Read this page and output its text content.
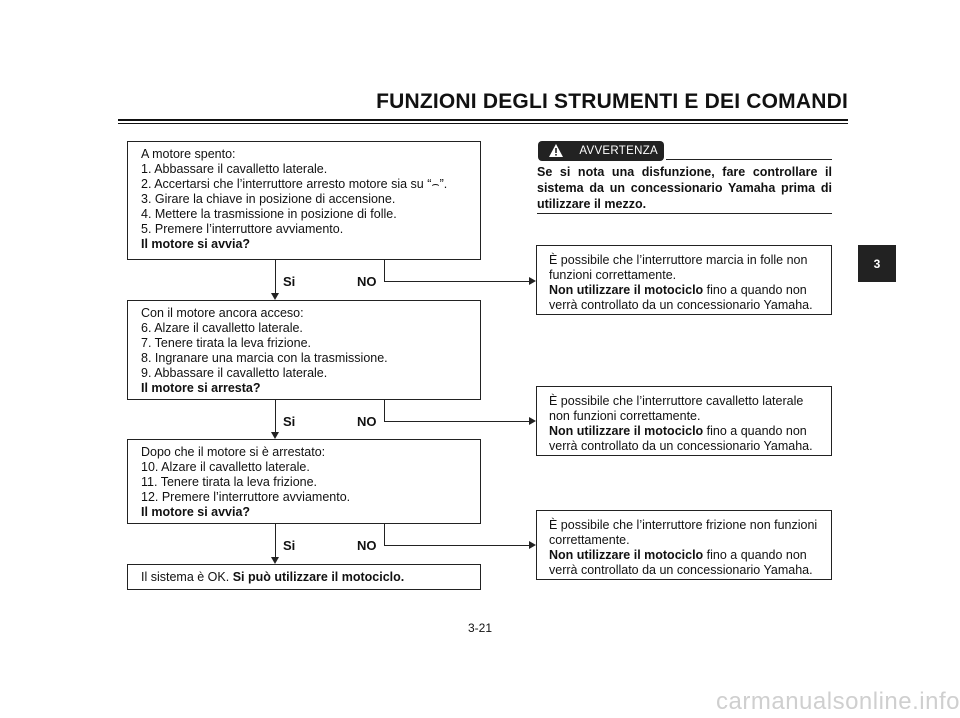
FUNZIONI DEGLI STRUMENTI E DEI COMANDI
A motore spento:
1. Abbassare il cavalletto laterale.
2. Accertarsi che l’interruttore arresto motore sia su “⌢”.
3. Girare la chiave in posizione di accensione.
4. Mettere la trasmissione in posizione di folle.
5. Premere l’interruttore avviamento.
Il motore si avvia?
Si	NO
Con il motore ancora acceso:
6. Alzare il cavalletto laterale.
7. Tenere tirata la leva frizione.
8. Ingranare una marcia con la trasmissione.
9. Abbassare il cavalletto laterale.
Il motore si arresta?
Si	NO
Dopo che il motore si è arrestato:
10. Alzare il cavalletto laterale.
11. Tenere tirata la leva frizione.
12. Premere l’interruttore avviamento.
Il motore si avvia?
Si	NO
Il sistema è OK. Si può utilizzare il motociclo.
AVVERTENZA
Se si nota una disfunzione, fare controllare il sistema da un concessionario Yamaha prima di utilizzare il mezzo.
È possibile che l’interruttore marcia in folle non
funzioni correttamente.
Non utilizzare il motociclo fino a quando non
verrà controllato da un concessionario Yamaha.
È possibile che l’interruttore cavalletto laterale
non funzioni correttamente.
Non utilizzare il motociclo fino a quando non
verrà controllato da un concessionario Yamaha.
È possibile che l’interruttore frizione non funzioni
correttamente.
Non utilizzare il motociclo fino a quando non
verrà controllato da un concessionario Yamaha.
3
3-21
carmanualsonline.info
